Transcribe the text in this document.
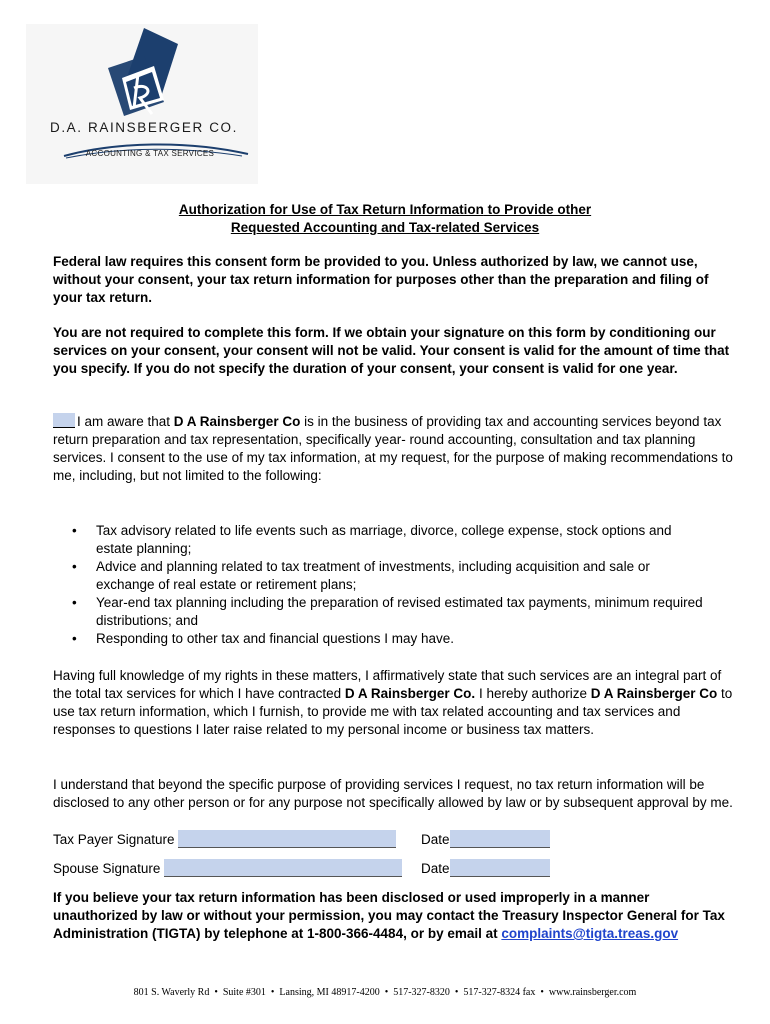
D.A. RAINSBERGER CO.
ACCOUNTING & TAX SERVICES
Authorization for Use of Tax Return Information to Provide other
Requested Accounting and Tax-related Services

Federal law requires this consent form be provided to you. Unless authorized by law, we cannot use, without your consent, your tax return information for purposes other than the preparation and filing of your tax return.

You are not required to complete this form. If we obtain your signature on this form by conditioning our services on your consent, your consent will not be valid. Your consent is valid for the amount of time that you specify. If you do not specify the duration of your consent, your consent is valid for one year.

I am aware that D A Rainsberger Co is in the business of providing tax and accounting services beyond tax return preparation and tax representation, specifically year- round accounting, consultation and tax planning services. I consent to the use of my tax information, at my request, for the purpose of making recommendations to me, including, but not limited to the following:

• Tax advisory related to life events such as marriage, divorce, college expense, stock options and estate planning;
• Advice and planning related to tax treatment of investments, including acquisition and sale or exchange of real estate or retirement plans;
• Year-end tax planning including the preparation of revised estimated tax payments, minimum required distributions; and
• Responding to other tax and financial questions I may have.

Having full knowledge of my rights in these matters, I affirmatively state that such services are an integral part of the total tax services for which I have contracted D A Rainsberger Co. I hereby authorize D A Rainsberger Co to use tax return information, which I furnish, to provide me with tax related accounting and tax services and responses to questions I later raise related to my personal income or business tax matters.

I understand that beyond the specific purpose of providing services I request, no tax return information will be disclosed to any other person or for any purpose not specifically allowed by law or by subsequent approval by me.

Tax Payer Signature	Date
Spouse Signature	Date

If you believe your tax return information has been disclosed or used improperly in a manner unauthorized by law or without your permission, you may contact the Treasury Inspector General for Tax Administration (TIGTA) by telephone at 1-800-366-4484, or by email at complaints@tigta.treas.gov

801 S. Waverly Rd • Suite #301 • Lansing, MI 48917-4200 • 517-327-8320 • 517-327-8324 fax • www.rainsberger.com
